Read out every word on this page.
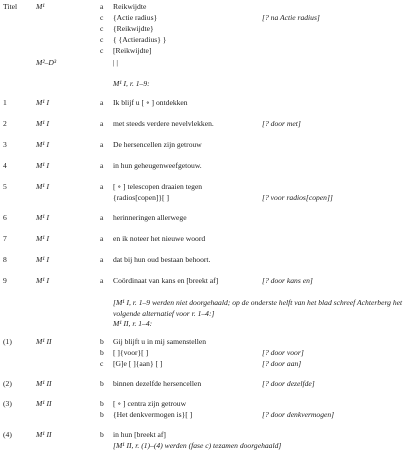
Titel M¹	a Reikwijdte
c {Actie radius}	[? na Actie radius]
c {Reikwijdte}
c { {Actieradius} }
c [Reikwijdte]
M²–D³	| |
1	M¹ I	a Ik blijf u [ ∘ ] ontdekken
2	M¹ I	a met steeds verdere nevelvlekken.	[? door met]
3	M¹ I	a De hersencellen zijn getrouw
4	M¹ I	a in hun geheugenweefgetouw.
5	M¹ I	a [ ∘ ] telescopen draaien tegen
{radios[copen]}[ ]	[? voor radios[copen]]
6	M¹ I	a herinneringen allerwege
7	M¹ I	a en ik noteer het nieuwe woord
8	M¹ I	a dat bij hun oud bestaan behoort.
9	M¹ I	a Coördinaat van kans en [breekt af]	[? door kans en]
(1)	M¹ II	b Gij blijft u in mij samenstellen
b [ ]{voor}[ ]	[? door voor]
c [G]e [ ]{aan} [ ]	[? door aan]
(2)	M¹ II	b binnen dezelfde hersencellen	[? door dezelfde]
(3)	M¹ II	b [ ∘ ] centra zijn getrouw
b {Het denkvermogen is}[ ]	[? door denkvermogen]
(4)	M¹ II	b in hun [breekt af]
M¹ I, r. 1–9:
[M¹ I, r. 1–9 werden niet doorgehaald; op de onderste helft van het blad schreef Achterberg het volgende alternatief voor r. 1–4:]
M¹ II, r. 1–4:
[M¹ II, r. (1)–(4) werden (fase c) tezamen doorgehaald]
